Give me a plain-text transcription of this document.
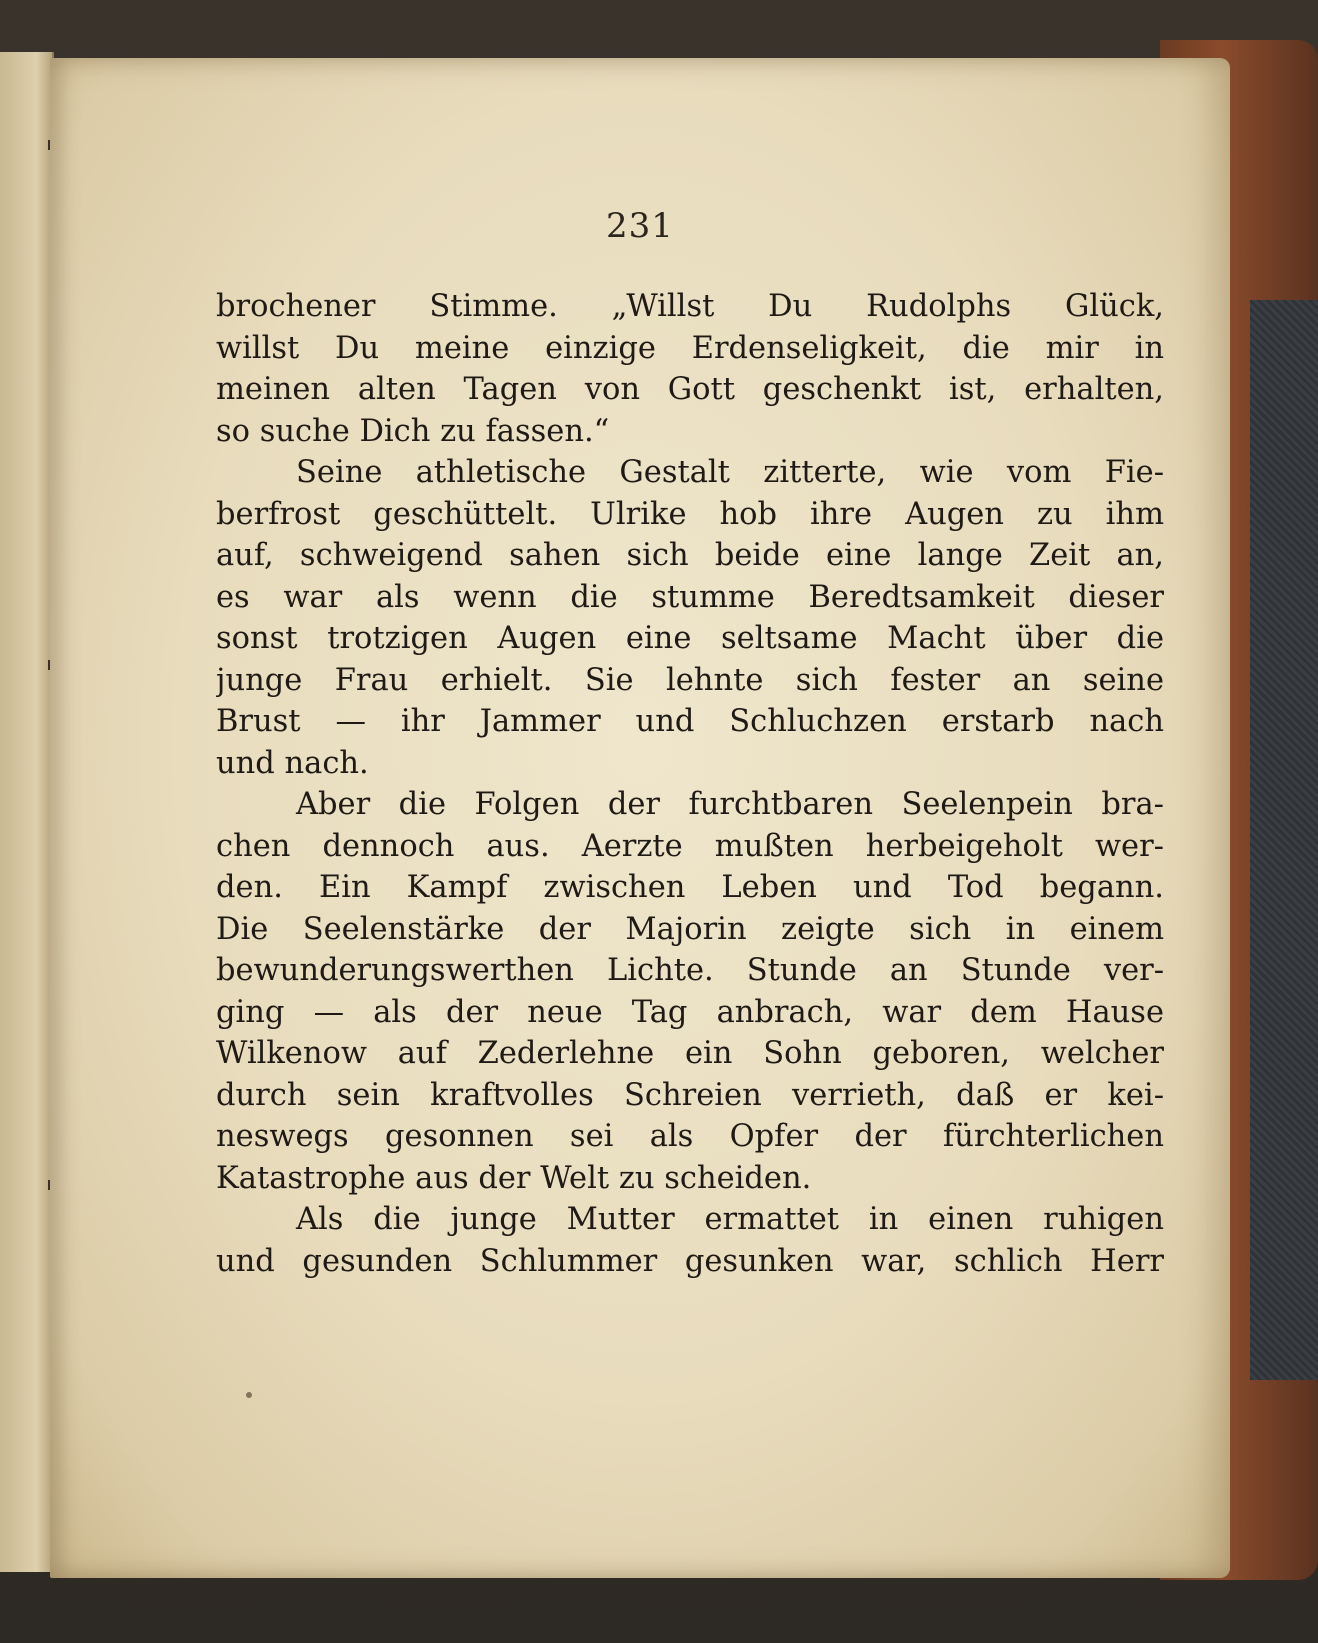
231
brochener Stimme. „Willst Du Rudolphs Glück,
willst Du meine einzige Erdenseligkeit, die mir in
meinen alten Tagen von Gott geschenkt ist, erhalten,
so suche Dich zu fassen.“
Seine athletische Gestalt zitterte, wie vom Fie-
berfrost geschüttelt. Ulrike hob ihre Augen zu ihm
auf, schweigend sahen sich beide eine lange Zeit an,
es war als wenn die stumme Beredtsamkeit dieser
sonst trotzigen Augen eine seltsame Macht über die
junge Frau erhielt. Sie lehnte sich fester an seine
Brust — ihr Jammer und Schluchzen erstarb nach
und nach.
Aber die Folgen der furchtbaren Seelenpein bra-
chen dennoch aus. Aerzte mußten herbeigeholt wer-
den. Ein Kampf zwischen Leben und Tod begann.
Die Seelenstärke der Majorin zeigte sich in einem
bewunderungswerthen Lichte. Stunde an Stunde ver-
ging — als der neue Tag anbrach, war dem Hause
Wilkenow auf Zederlehne ein Sohn geboren, welcher
durch sein kraftvolles Schreien verrieth, daß er kei-
neswegs gesonnen sei als Opfer der fürchterlichen
Katastrophe aus der Welt zu scheiden.
Als die junge Mutter ermattet in einen ruhigen
und gesunden Schlummer gesunken war, schlich Herr
